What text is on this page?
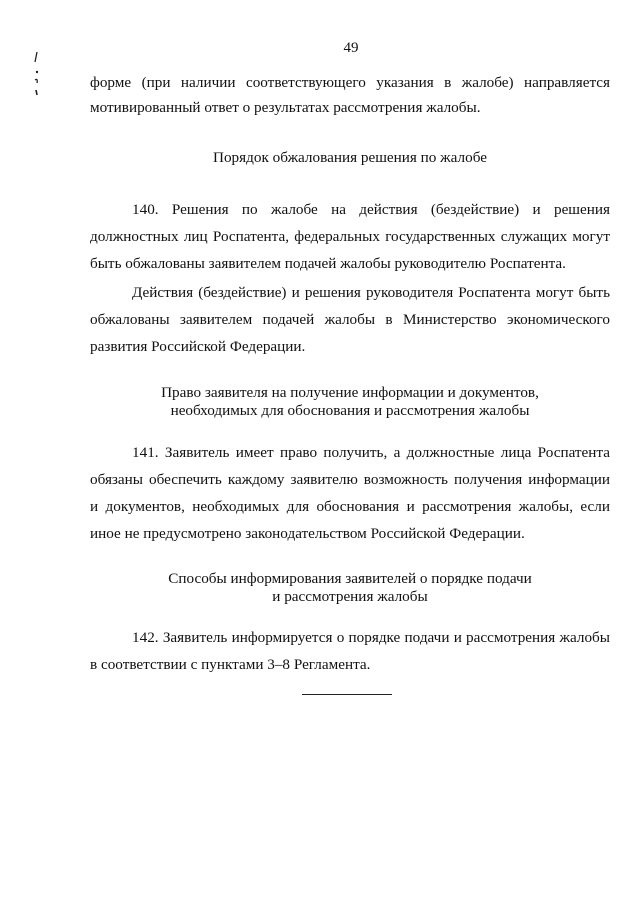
49

форме (при наличии соответствующего указания в жалобе) направляется

мотивированный ответ о результатах рассмотрения жалобы.

Порядок обжалования решения по жалобе

140. Решения по жалобе на действия (бездействие) и решения

должностных лиц Роспатента, федеральных государственных служащих могут

быть обжалованы заявителем подачей жалобы руководителю Роспатента.

Действия (бездействие) и решения руководителя Роспатента могут быть

обжалованы заявителем подачей жалобы в Министерство экономического

развития Российской Федерации.

Право заявителя на получение информации и документов,
необходимых для обоснования и рассмотрения жалобы

141. Заявитель имеет право получить, а должностные лица Роспатента

обязаны обеспечить каждому заявителю возможность получения информации

и документов, необходимых для обоснования и рассмотрения жалобы, если

иное не предусмотрено законодательством Российской Федерации.

Способы информирования заявителей о порядке подачи
и рассмотрения жалобы

142. Заявитель информируется о порядке подачи и рассмотрения жалобы

в соответствии с пунктами 3–8 Регламента.
